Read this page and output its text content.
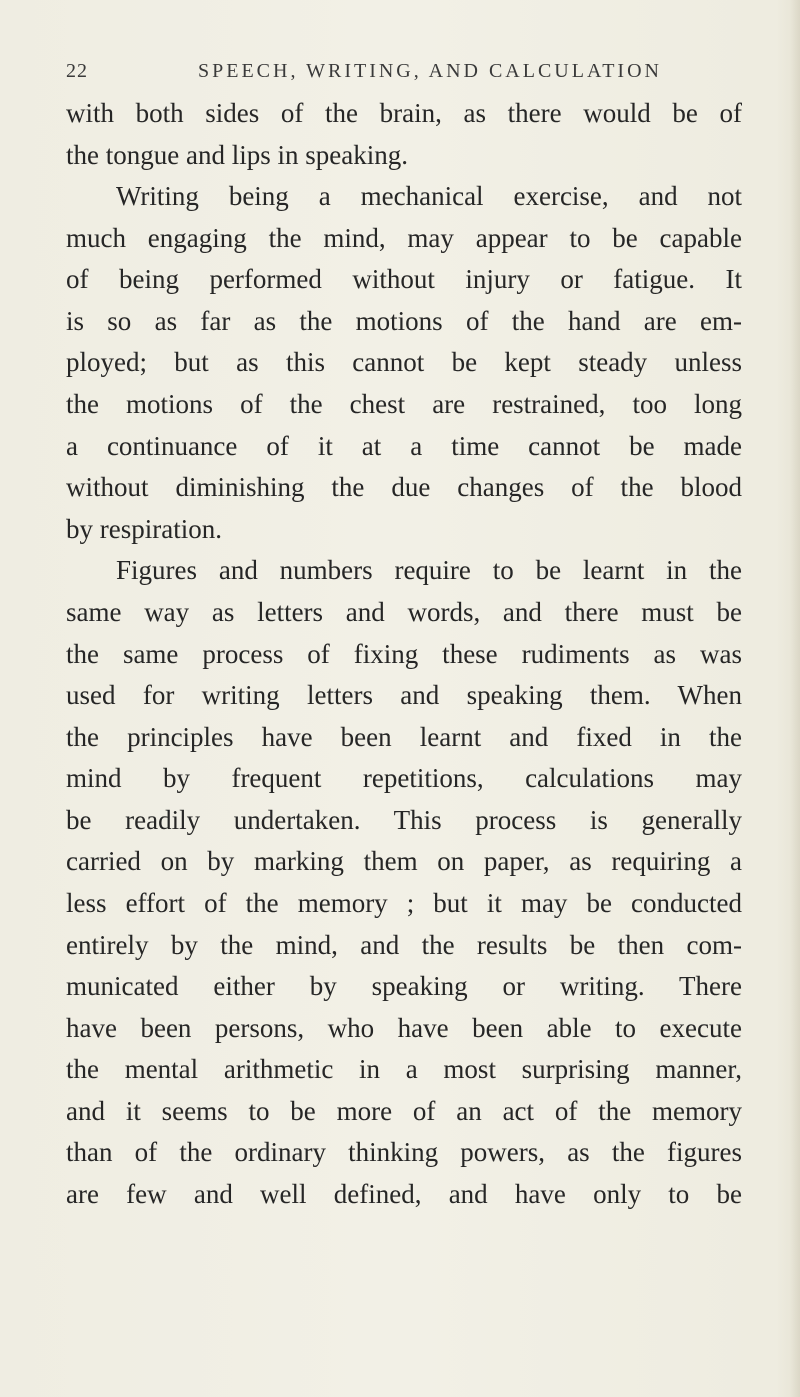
22	SPEECH, WRITING, AND CALCULATION
with both sides of the brain, as there would be of
the tongue and lips in speaking.
Writing being a mechanical exercise, and not
much engaging the mind, may appear to be capable
of being performed without injury or fatigue. It
is so as far as the motions of the hand are em-
ployed; but as this cannot be kept steady unless
the motions of the chest are restrained, too long
a continuance of it at a time cannot be made
without diminishing the due changes of the blood
by respiration.
Figures and numbers require to be learnt in the
same way as letters and words, and there must be
the same process of fixing these rudiments as was
used for writing letters and speaking them. When
the principles have been learnt and fixed in the
mind by frequent repetitions, calculations may
be readily undertaken. This process is generally
carried on by marking them on paper, as requiring a
less effort of the memory ; but it may be conducted
entirely by the mind, and the results be then com-
municated either by speaking or writing. There
have been persons, who have been able to execute
the mental arithmetic in a most surprising manner,
and it seems to be more of an act of the memory
than of the ordinary thinking powers, as the figures
are few and well defined, and have only to be
